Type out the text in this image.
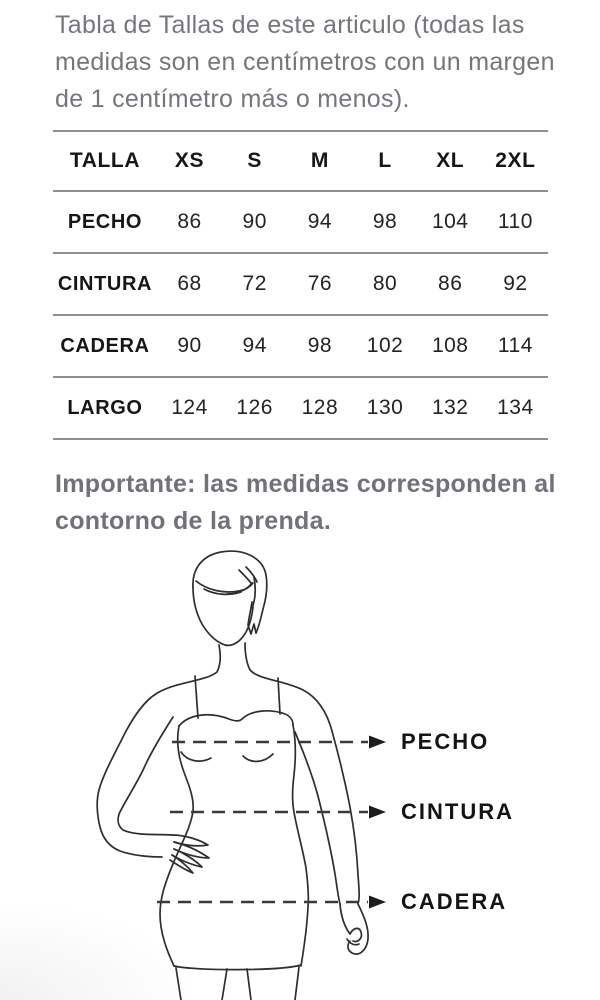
Tabla de Tallas de este articulo (todas las medidas son en centímetros con un margen de 1 centímetro más o menos).
TALLA	XS	S	M	L	XL	2XL
PECHO	86	90	94	98	104	110
CINTURA	68	72	76	80	86	92
CADERA	90	94	98	102	108	114
LARGO	124	126	128	130	132	134
Importante: las medidas corresponden al contorno de la prenda.
PECHO
CINTURA
CADERA
